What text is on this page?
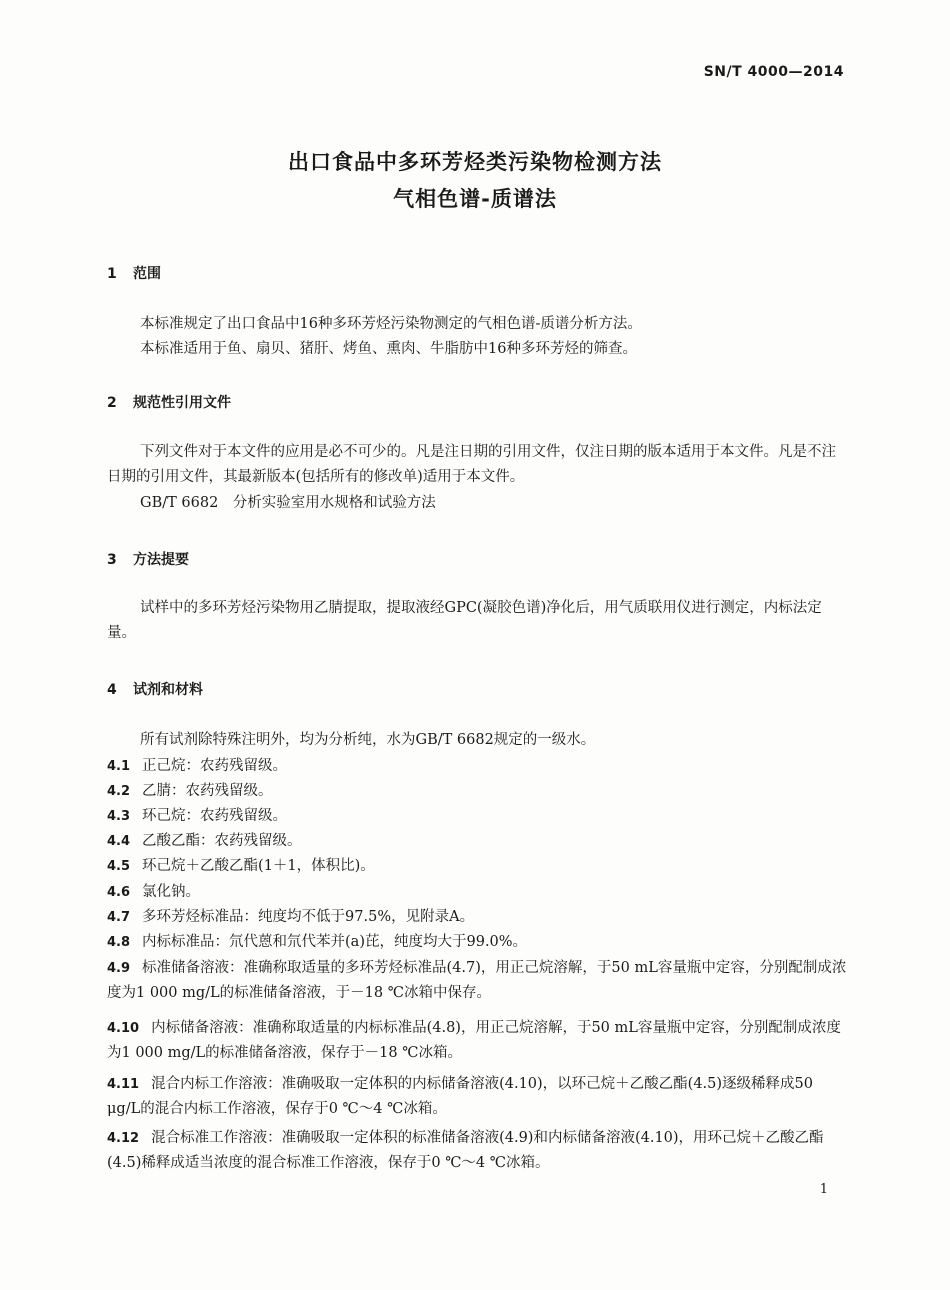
SN/T 4000—2014
出口食品中多环芳烃类污染物检测方法
气相色谱-质谱法
1 范围
本标准规定了出口食品中16种多环芳烃污染物测定的气相色谱-质谱分析方法。
本标准适用于鱼、扇贝、猪肝、烤鱼、熏肉、牛脂肪中16种多环芳烃的筛查。
2 规范性引用文件
下列文件对于本文件的应用是必不可少的。凡是注日期的引用文件，仅注日期的版本适用于本文件。凡是不注日期的引用文件，其最新版本(包括所有的修改单)适用于本文件。
GB/T 6682　分析实验室用水规格和试验方法
3 方法提要
试样中的多环芳烃污染物用乙腈提取，提取液经GPC(凝胶色谱)净化后，用气质联用仪进行测定，内标法定量。
4 试剂和材料
所有试剂除特殊注明外，均为分析纯，水为GB/T 6682规定的一级水。
4.1 正己烷：农药残留级。
4.2 乙腈：农药残留级。
4.3 环己烷：农药残留级。
4.4 乙酸乙酯：农药残留级。
4.5 环己烷＋乙酸乙酯(1＋1，体积比)。
4.6 氯化钠。
4.7 多环芳烃标准品：纯度均不低于97.5%，见附录A。
4.8 内标标准品：氘代蒽和氘代苯并(a)芘，纯度均大于99.0%。
4.9 标准储备溶液：准确称取适量的多环芳烃标准品(4.7)，用正己烷溶解，于50 mL容量瓶中定容，分别配制成浓度为1 000 mg/L的标准储备溶液，于－18 ℃冰箱中保存。
4.10 内标储备溶液：准确称取适量的内标标准品(4.8)，用正己烷溶解，于50 mL容量瓶中定容，分别配制成浓度为1 000 mg/L的标准储备溶液，保存于－18 ℃冰箱。
4.11 混合内标工作溶液：准确吸取一定体积的内标储备溶液(4.10)，以环己烷＋乙酸乙酯(4.5)逐级稀释成50 μg/L的混合内标工作溶液，保存于0 ℃～4 ℃冰箱。
4.12 混合标准工作溶液：准确吸取一定体积的标准储备溶液(4.9)和内标储备溶液(4.10)，用环己烷＋乙酸乙酯(4.5)稀释成适当浓度的混合标准工作溶液，保存于0 ℃～4 ℃冰箱。
1
